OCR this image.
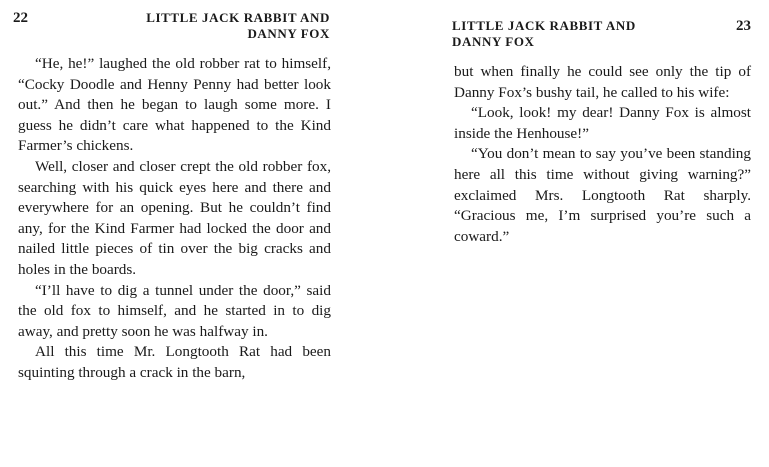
22	LITTLE JACK RABBIT AND
DANNY FOX

“He, he!” laughed the old robber rat to himself, “Cocky Doodle and Henny Penny had better look out.” And then he began to laugh some more. I guess he didn’t care what happened to the Kind Farmer’s chickens.

Well, closer and closer crept the old robber fox, searching with his quick eyes here and there and everywhere for an opening. But he couldn’t find any, for the Kind Farmer had locked the door and nailed little pieces of tin over the big cracks and holes in the boards.

“I’ll have to dig a tunnel under the door,” said the old fox to himself, and he started in to dig away, and pretty soon he was halfway in.

All this time Mr. Longtooth Rat had been squinting through a crack in the barn,

LITTLE JACK RABBIT AND
DANNY FOX
23

but when finally he could see only the tip of Danny Fox’s bushy tail, he called to his wife:

“Look, look! my dear! Danny Fox is almost inside the Henhouse!”

“You don’t mean to say you’ve been standing here all this time without giving warning?” exclaimed Mrs. Longtooth Rat sharply. “Gracious me, I’m surprised you’re such a coward.”
